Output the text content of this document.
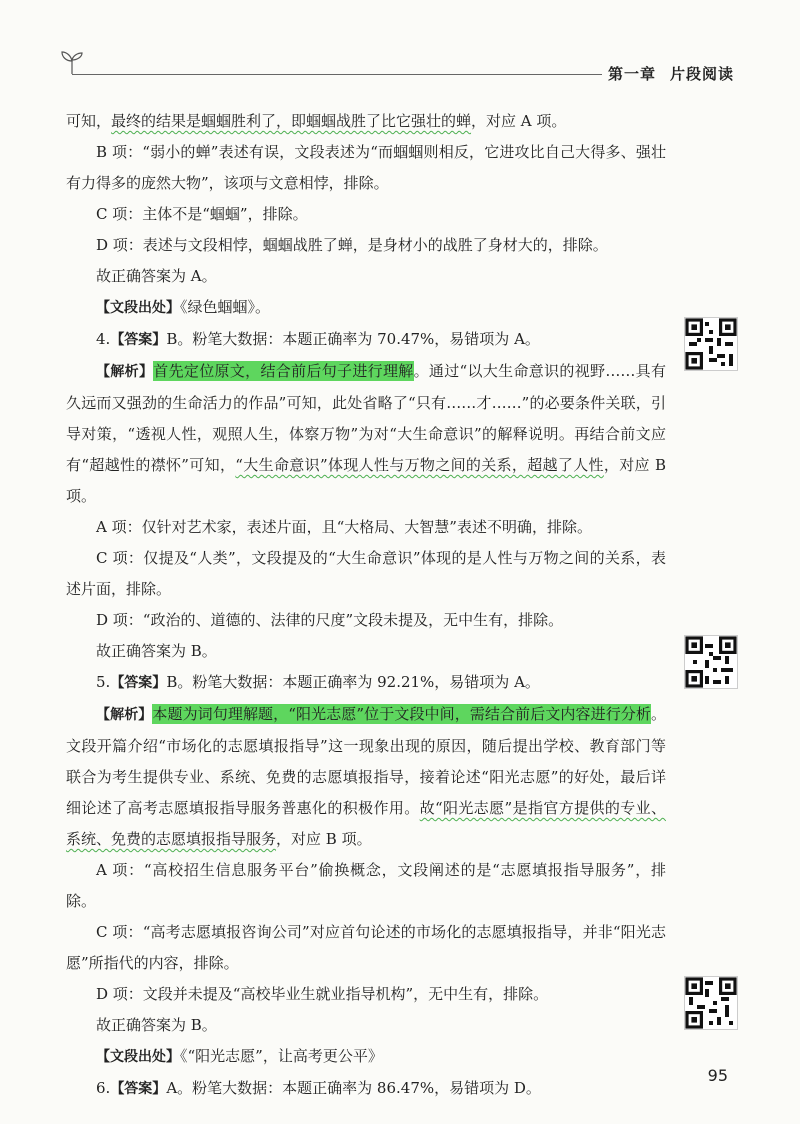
第一章 片段阅读

可知，最终的结果是蝈蝈胜利了，即蝈蝈战胜了比它强壮的蝉，对应 A 项。

B 项：“弱小的蝉”表述有误，文段表述为“而蝈蝈则相反，它进攻比自己大得多、强壮有力得多的庞然大物”，该项与文意相悖，排除。

C 项：主体不是“蝈蝈”，排除。

D 项：表述与文段相悖，蝈蝈战胜了蝉，是身材小的战胜了身材大的，排除。

故正确答案为 A。

【文段出处】《绿色蝈蝈》。

4.【答案】B。粉笔大数据：本题正确率为 70.47%，易错项为 A。

【解析】首先定位原文，结合前后句子进行理解。通过“以大生命意识的视野……具有久远而又强劲的生命活力的作品”可知，此处省略了“只有……才……”的必要条件关联，引导对策，“透视人性，观照人生，体察万物”为对“大生命意识”的解释说明。再结合前文应有“超越性的襟怀”可知，“大生命意识”体现人性与万物之间的关系，超越了人性，对应 B 项。

A 项：仅针对艺术家，表述片面，且“大格局、大智慧”表述不明确，排除。

C 项：仅提及“人类”，文段提及的“大生命意识”体现的是人性与万物之间的关系，表述片面，排除。

D 项：“政治的、道德的、法律的尺度”文段未提及，无中生有，排除。

故正确答案为 B。

5.【答案】B。粉笔大数据：本题正确率为 92.21%，易错项为 A。

【解析】本题为词句理解题，“阳光志愿”位于文段中间，需结合前后文内容进行分析。文段开篇介绍“市场化的志愿填报指导”这一现象出现的原因，随后提出学校、教育部门等联合为考生提供专业、系统、免费的志愿填报指导，接着论述“阳光志愿”的好处，最后详细论述了高考志愿填报指导服务普惠化的积极作用。故“阳光志愿”是指官方提供的专业、系统、免费的志愿填报指导服务，对应 B 项。

A 项：“高校招生信息服务平台”偷换概念，文段阐述的是“志愿填报指导服务”，排除。

C 项：“高考志愿填报咨询公司”对应首句论述的市场化的志愿填报指导，并非“阳光志愿”所指代的内容，排除。

D 项：文段并未提及“高校毕业生就业指导机构”，无中生有，排除。

故正确答案为 B。

【文段出处】《“阳光志愿”，让高考更公平》

6.【答案】A。粉笔大数据：本题正确率为 86.47%，易错项为 D。

95
